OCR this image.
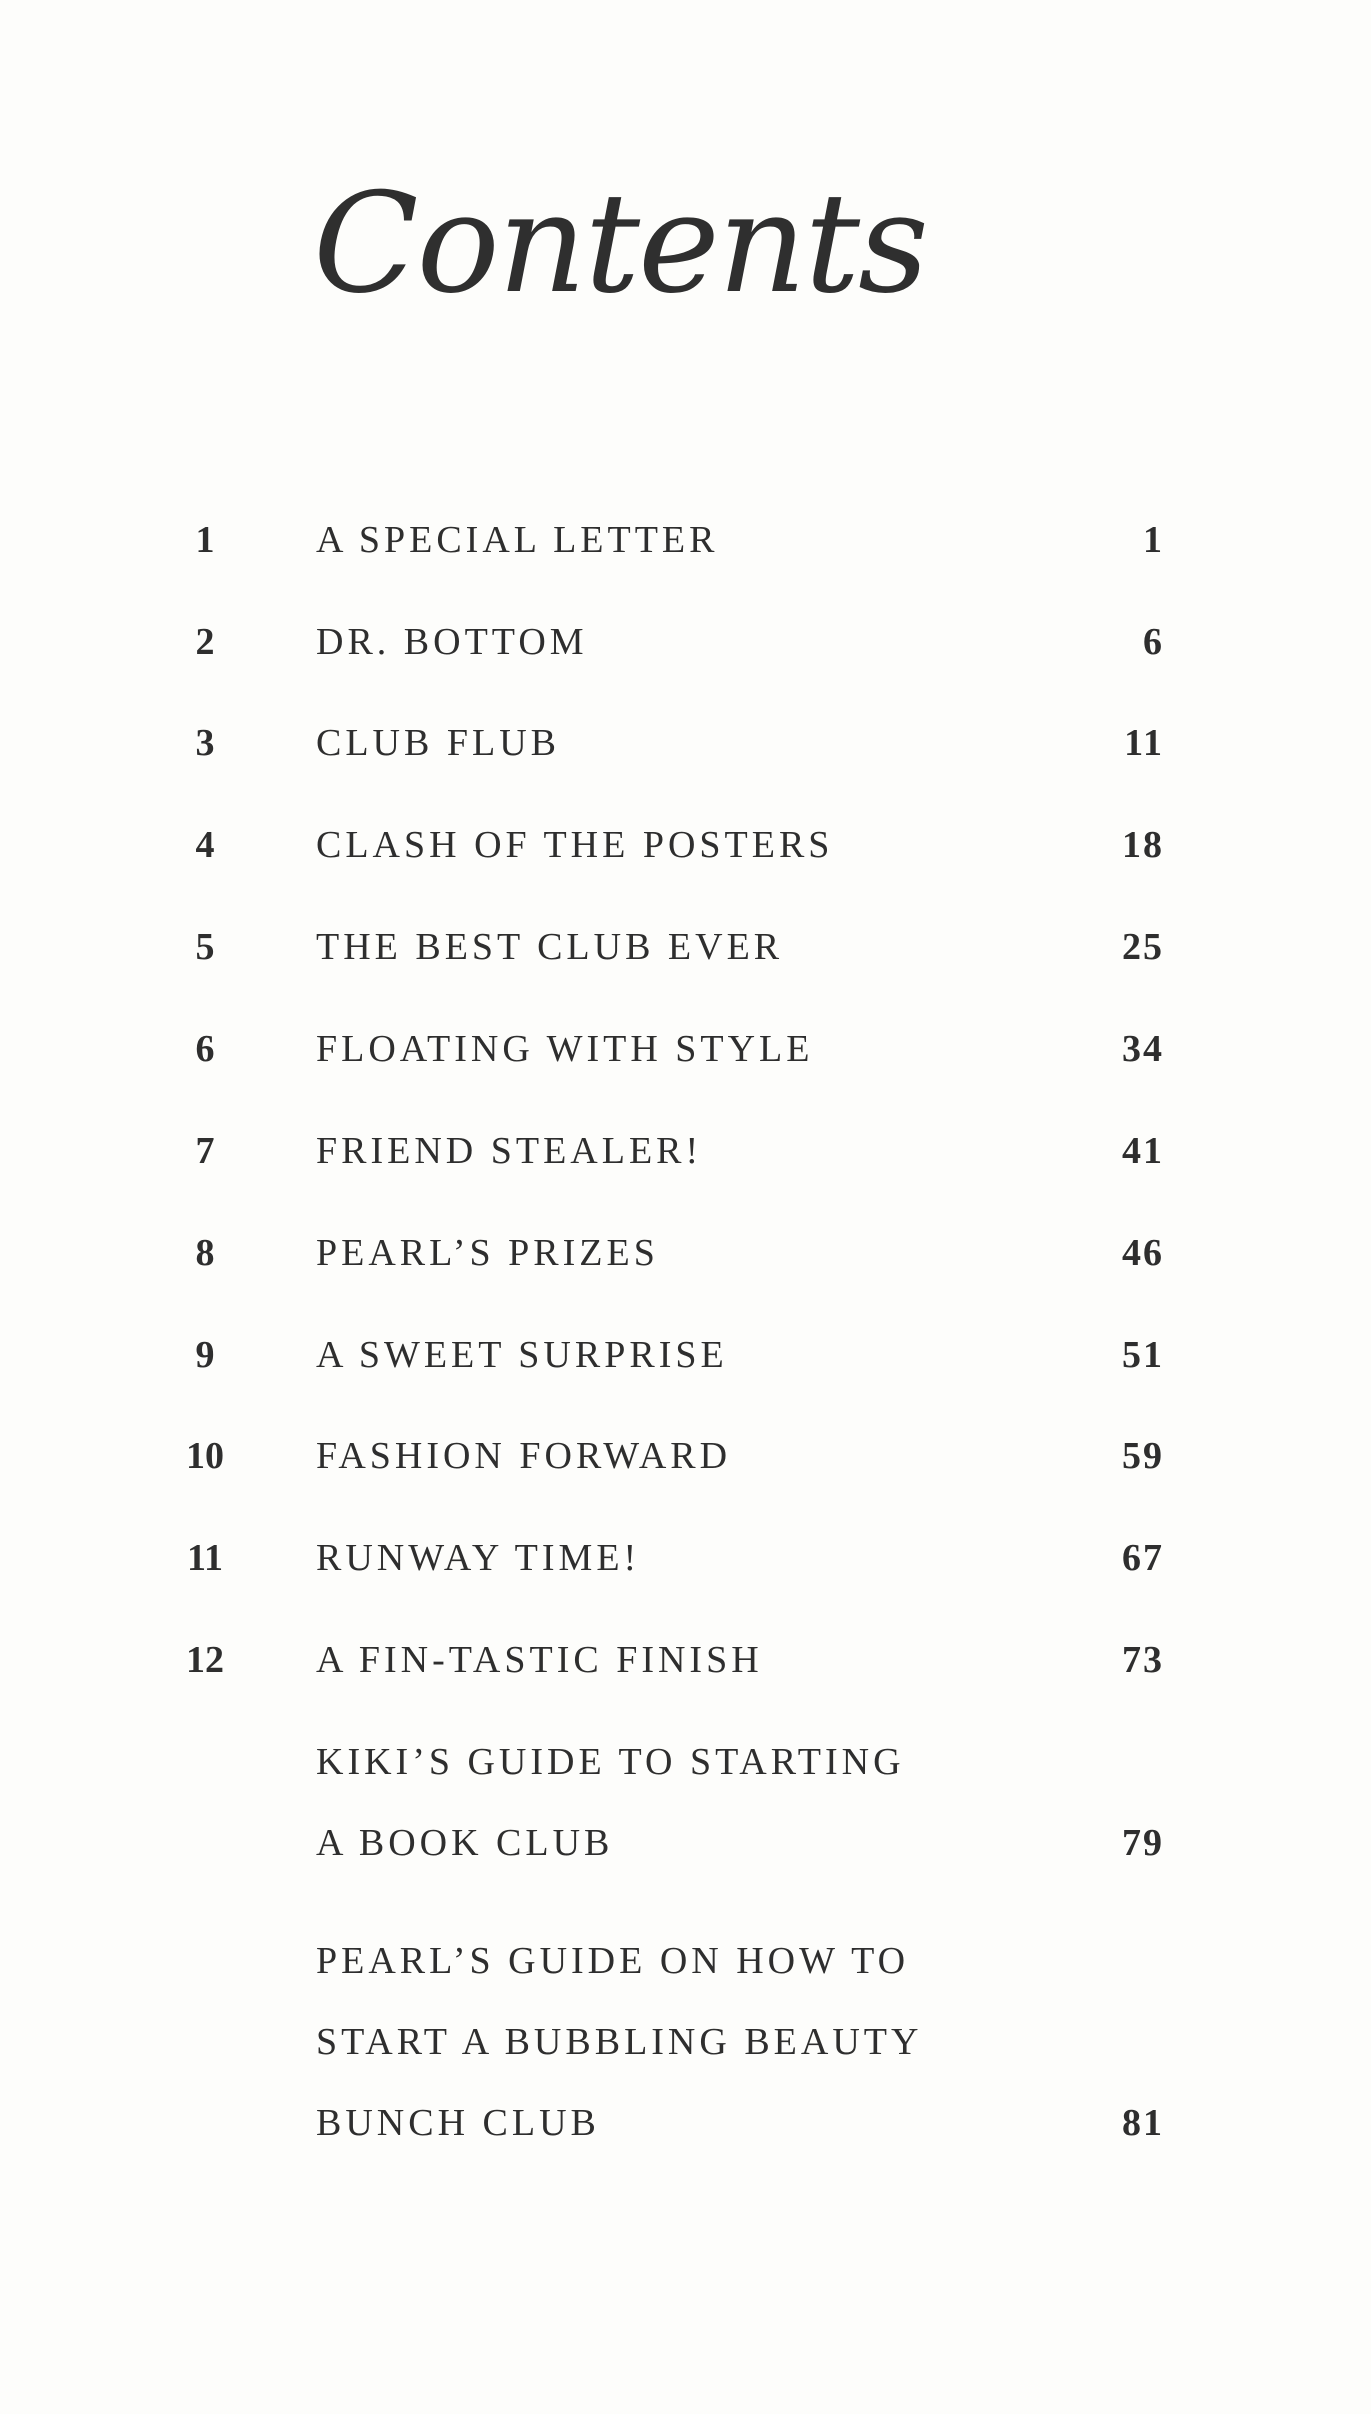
Contents
1	A SPECIAL LETTER	1
2	DR. BOTTOM	6
3	CLUB FLUB	11
4	CLASH OF THE POSTERS	18
5	THE BEST CLUB EVER	25
6	FLOATING WITH STYLE	34
7	FRIEND STEALER!	41
8	PEARL’S PRIZES	46
9	A SWEET SURPRISE	51
10	FASHION FORWARD	59
11	RUNWAY TIME!	67
12	A FIN-TASTIC FINISH	73
KIKI’S GUIDE TO STARTING
A BOOK CLUB	79
PEARL’S GUIDE ON HOW TO
START A BUBBLING BEAUTY
BUNCH CLUB	81
